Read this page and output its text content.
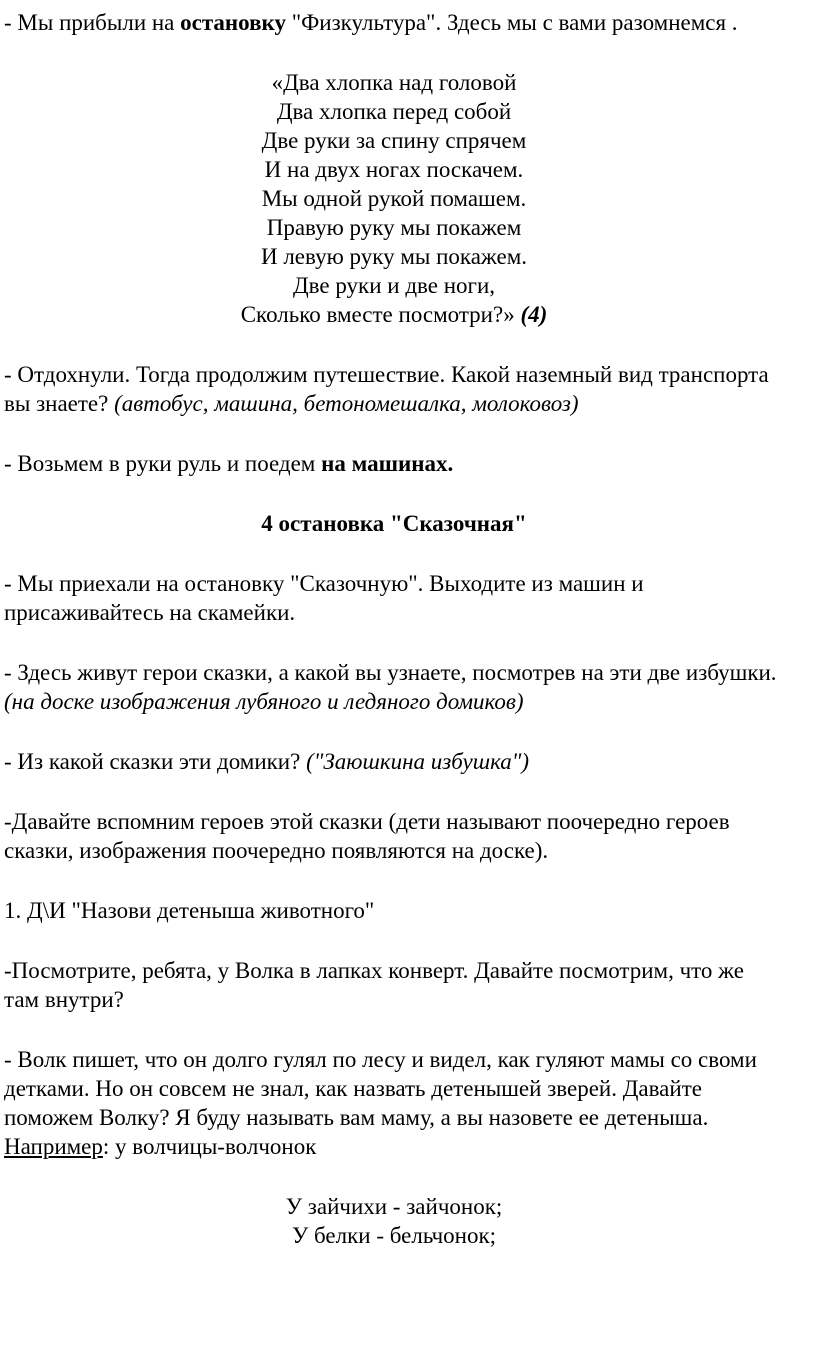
- Мы прибыли на остановку "Физкультура". Здесь мы с вами разомнемся .

«Два хлопка над головой
Два хлопка перед собой
Две руки за спину спрячем
И на двух ногах поскачем.
Мы одной рукой помашем.
Правую руку мы покажем
И левую руку мы покажем.
Две руки и две ноги,
Сколько вместе посмотри?» (4)

- Отдохнули. Тогда продолжим путешествие. Какой наземный вид транспорта вы знаете? (автобус, машина, бетономешалка, молоковоз)

- Возьмем в руки руль и поедем на машинах.

4 остановка "Сказочная"

- Мы приехали на остановку "Сказочную". Выходите из машин и присаживайтесь на скамейки.

- Здесь живут герои сказки, а какой вы узнаете, посмотрев на эти две избушки. (на доске изображения лубяного и ледяного домиков)

- Из какой сказки эти домики? ("Заюшкина избушка")

-Давайте вспомним героев этой сказки (дети называют поочередно героев сказки, изображения поочередно появляются на доске).

1. Д\И "Назови детеныша животного"

-Посмотрите, ребята, у Волка в лапках конверт. Давайте посмотрим, что же там внутри?

- Волк пишет, что он долго гулял по лесу и видел, как гуляют мамы со своми детками. Но он совсем не знал, как назвать детенышей зверей. Давайте поможем Волку? Я буду называть вам маму, а вы назовете ее детеныша. Например: у волчицы-волчонок

У зайчихи - зайчонок;
У белки - бельчонок;
